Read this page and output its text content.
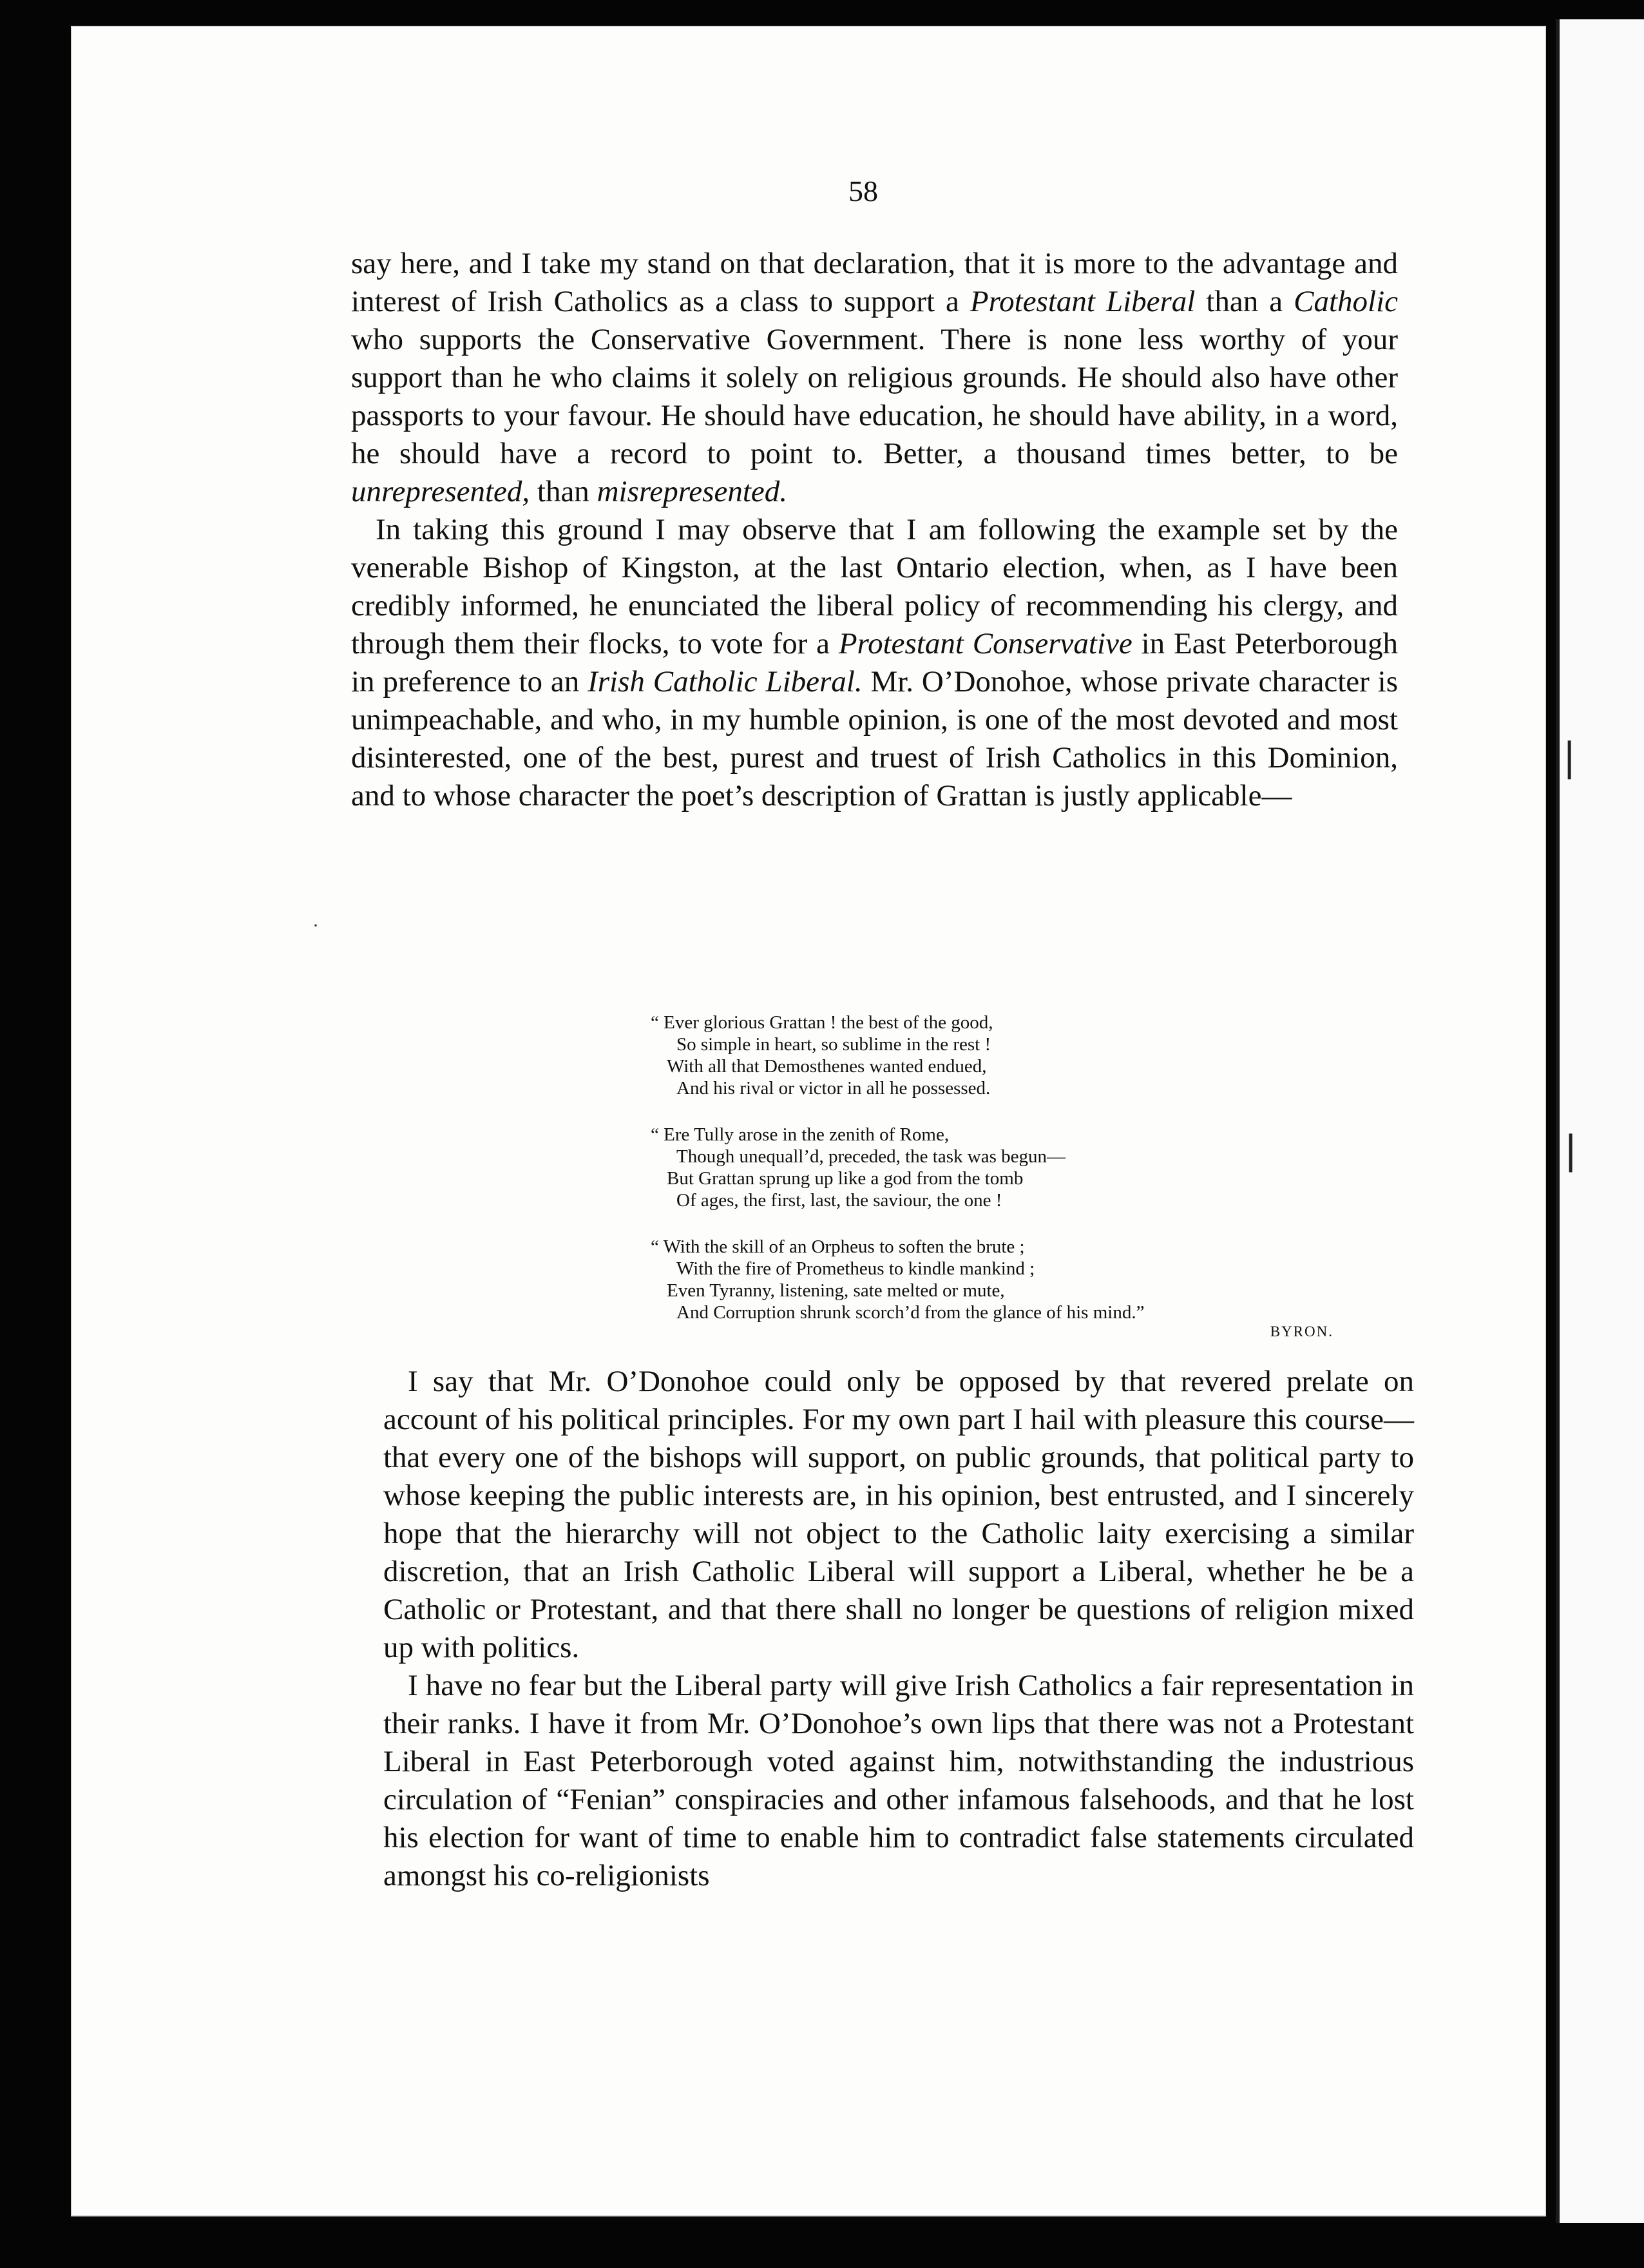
❘
❘
58

say here, and I take my stand on that declaration, that it is more to the advantage and interest of Irish Catholics as a class to support a Protestant Liberal than a Catholic who supports the Conservative Government. There is none less worthy of your support than he who claims it solely on religious grounds. He should also have other passports to your favour. He should have education, he should have ability, in a word, he should have a record to point to. Better, a thousand times better, to be unrepresented, than misrepresented.

In taking this ground I may observe that I am following the example set by the venerable Bishop of Kingston, at the last Ontario election, when, as I have been credibly informed, he enunciated the liberal policy of recommending his clergy, and through them their flocks, to vote for a Protestant Conservative in East Peterborough in preference to an Irish Catholic Liberal. Mr. O’Donohoe, whose private character is unimpeachable, and who, in my humble opinion, is one of the most devoted and most disinterested, one of the best, purest and truest of Irish Catholics in this Dominion, and to whose character the poet’s description of Grattan is justly applicable—

“ Ever glorious Grattan ! the best of the good,
So simple in heart, so sublime in the rest !
With all that Demosthenes wanted endued,
And his rival or victor in all he possessed.
“ Ere Tully arose in the zenith of Rome,
Though unequall’d, preceded, the task was begun—
But Grattan sprung up like a god from the tomb
Of ages, the first, last, the saviour, the one !
“ With the skill of an Orpheus to soften the brute ;
With the fire of Prometheus to kindle mankind ;
Even Tyranny, listening, sate melted or mute,
And Corruption shrunk scorch’d from the glance of his mind.”
BYRON.

I say that Mr. O’Donohoe could only be opposed by that revered prelate on account of his political principles. For my own part I hail with pleasure this course—that every one of the bishops will support, on public grounds, that political party to whose keeping the public interests are, in his opinion, best entrusted, and I sincerely hope that the hierarchy will not object to the Catholic laity exercising a similar discretion, that an Irish Catholic Liberal will support a Liberal, whether he be a Catholic or Protestant, and that there shall no longer be questions of religion mixed up with politics.

I have no fear but the Liberal party will give Irish Catholics a fair representation in their ranks. I have it from Mr. O’Donohoe’s own lips that there was not a Protestant Liberal in East Peterborough voted against him, notwithstanding the industrious circulation of “Fenian” conspiracies and other infamous falsehoods, and that he lost his election for want of time to enable him to contradict false statements circulated amongst his co-religionists

·
